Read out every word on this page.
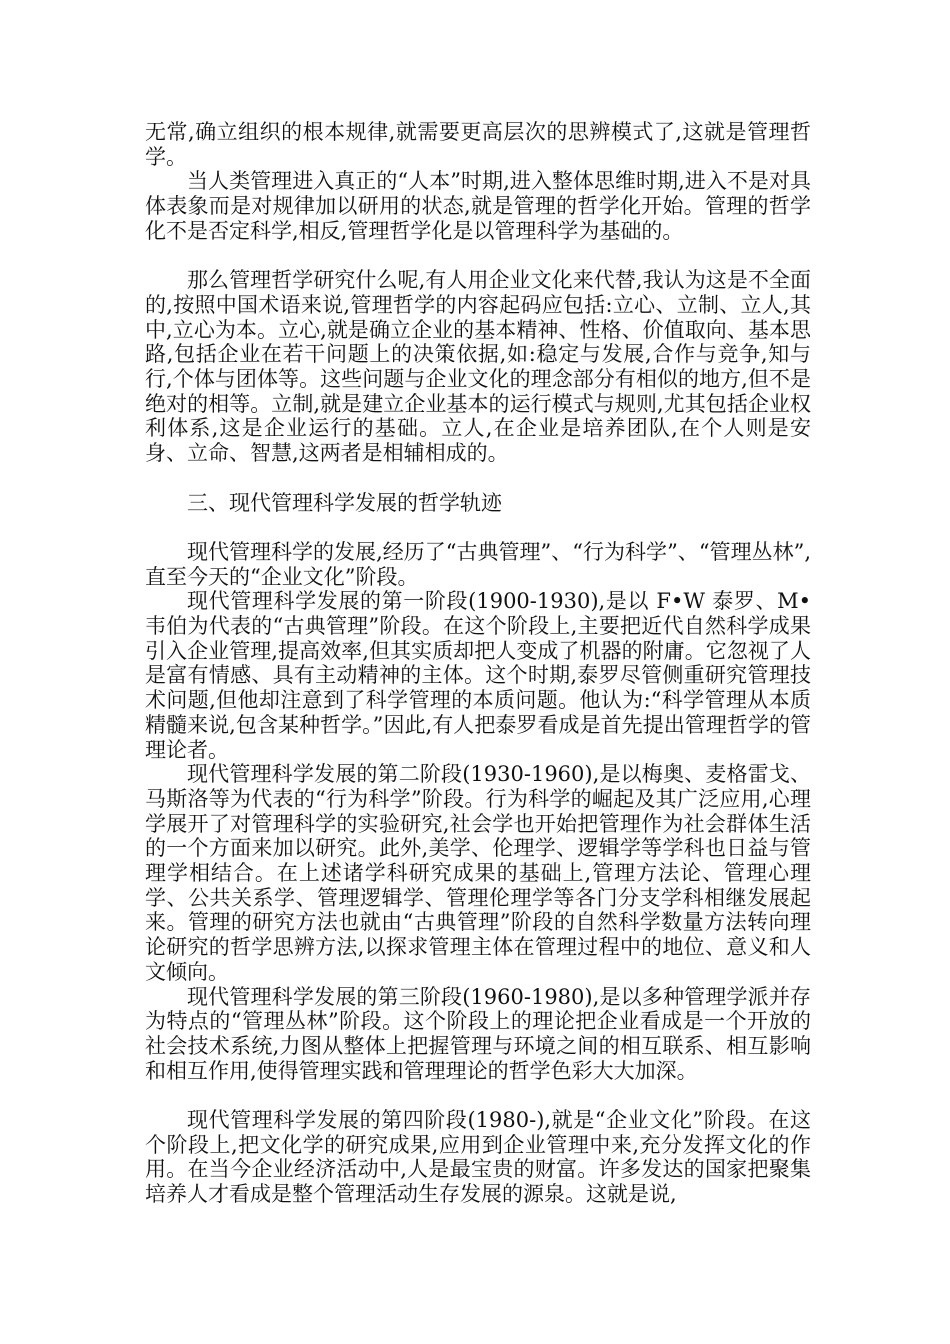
无常,确立组织的根本规律,就需要更高层次的思辨模式了,这就是管理哲学。

当人类管理进入真正的“人本”时期,进入整体思维时期,进入不是对具体表象而是对规律加以研用的状态,就是管理的哲学化开始。管理的哲学化不是否定科学,相反,管理哲学化是以管理科学为基础的。

那么管理哲学研究什么呢,有人用企业文化来代替,我认为这是不全面的,按照中国术语来说,管理哲学的内容起码应包括:立心、立制、立人,其中,立心为本。立心,就是确立企业的基本精神、性格、价值取向、基本思路,包括企业在若干问题上的决策依据,如:稳定与发展,合作与竞争,知与行,个体与团体等。这些问题与企业文化的理念部分有相似的地方,但不是绝对的相等。立制,就是建立企业基本的运行模式与规则,尤其包括企业权利体系,这是企业运行的基础。立人,在企业是培养团队,在个人则是安身、立命、智慧,这两者是相辅相成的。

三、现代管理科学发展的哲学轨迹

现代管理科学的发展,经历了“古典管理”、“行为科学”、“管理丛林”,直至今天的“企业文化”阶段。

现代管理科学发展的第一阶段(1900-1930),是以 F•W 泰罗、M•韦伯为代表的“古典管理”阶段。在这个阶段上,主要把近代自然科学成果引入企业管理,提高效率,但其实质却把人变成了机器的附庸。它忽视了人是富有情感、具有主动精神的主体。这个时期,泰罗尽管侧重研究管理技术问题,但他却注意到了科学管理的本质问题。他认为:“科学管理从本质精髓来说,包含某种哲学。”因此,有人把泰罗看成是首先提出管理哲学的管理论者。

现代管理科学发展的第二阶段(1930-1960),是以梅奥、麦格雷戈、马斯洛等为代表的“行为科学”阶段。行为科学的崛起及其广泛应用,心理学展开了对管理科学的实验研究,社会学也开始把管理作为社会群体生活的一个方面来加以研究。此外,美学、伦理学、逻辑学等学科也日益与管理学相结合。在上述诸学科研究成果的基础上,管理方法论、管理心理学、公共关系学、管理逻辑学、管理伦理学等各门分支学科相继发展起来。管理的研究方法也就由“古典管理”阶段的自然科学数量方法转向理论研究的哲学思辨方法,以探求管理主体在管理过程中的地位、意义和人文倾向。

现代管理科学发展的第三阶段(1960-1980),是以多种管理学派并存为特点的“管理丛林”阶段。这个阶段上的理论把企业看成是一个开放的社会技术系统,力图从整体上把握管理与环境之间的相互联系、相互影响和相互作用,使得管理实践和管理理论的哲学色彩大大加深。

现代管理科学发展的第四阶段(1980-),就是“企业文化”阶段。在这个阶段上,把文化学的研究成果,应用到企业管理中来,充分发挥文化的作用。在当今企业经济活动中,人是最宝贵的财富。许多发达的国家把聚集培养人才看成是整个管理活动生存发展的源泉。这就是说,
